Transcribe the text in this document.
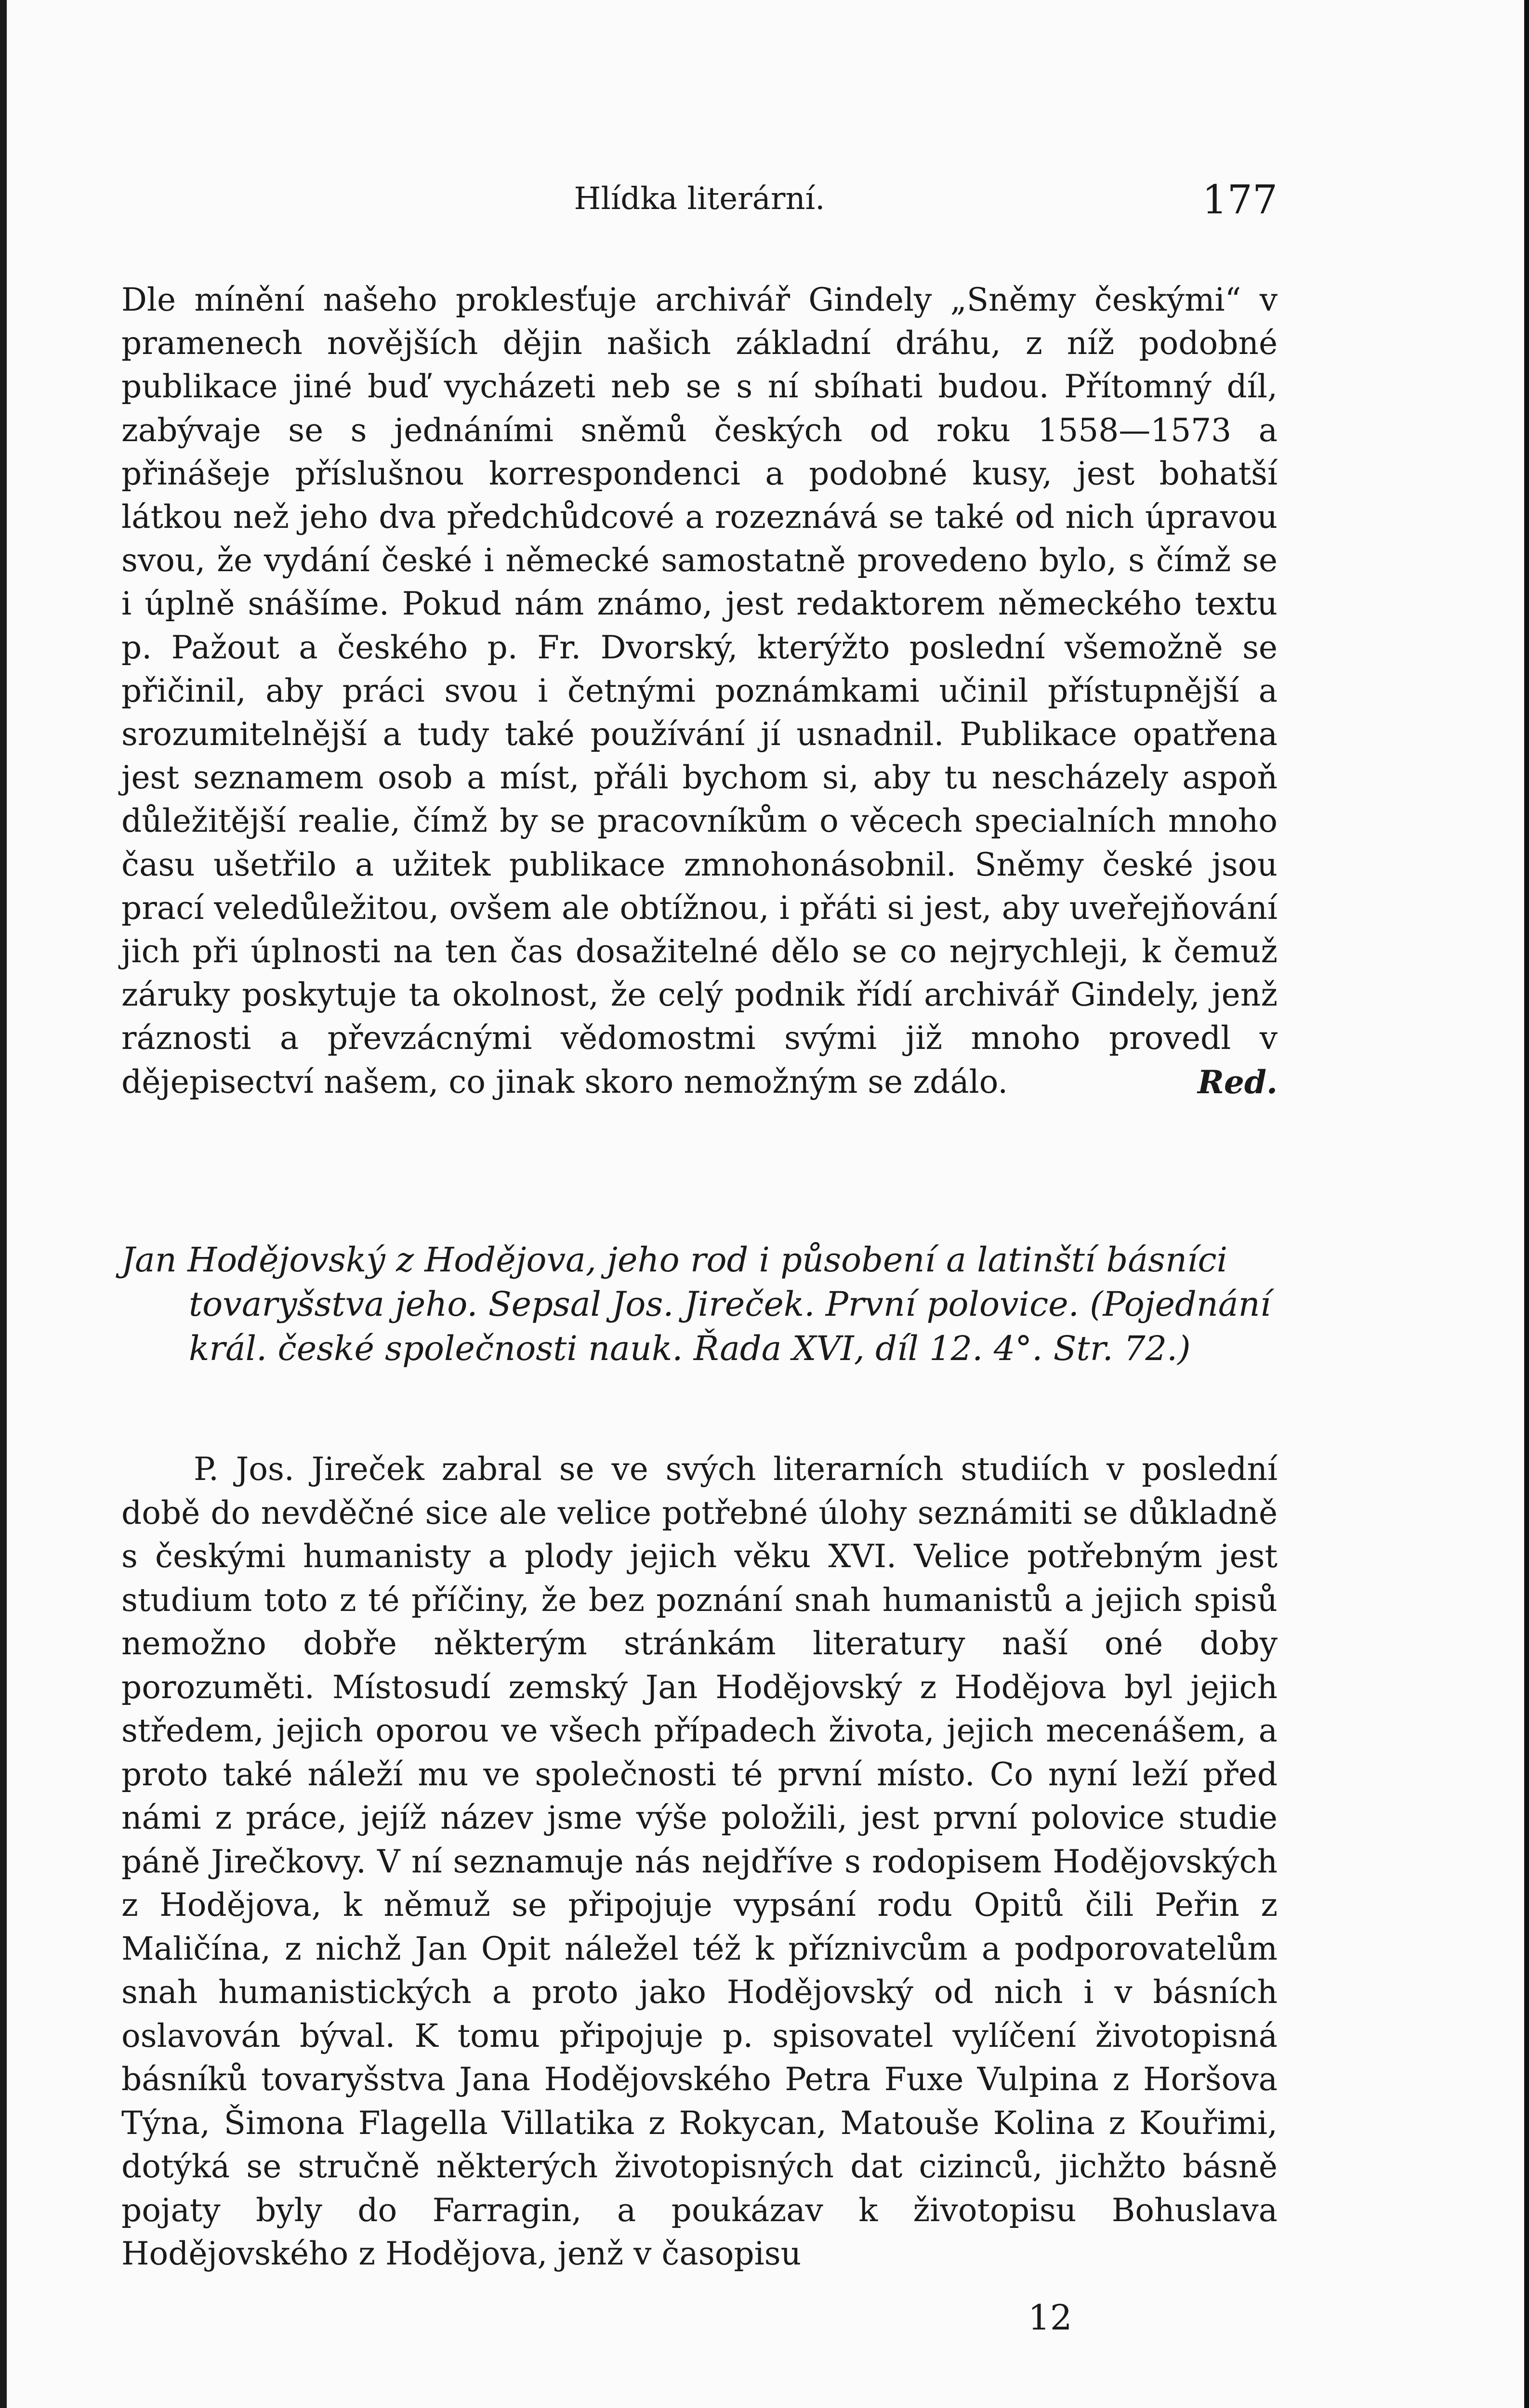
Hlídka literární.	177
Dle mínění našeho proklesťuje archivář Gindely „Sněmy českými“ v pramenech novějších dějin našich základní dráhu, z níž podobné publikace jiné buď vycházeti neb se s ní sbíhati budou. Přítomný díl, zabývaje se s jednáními sněmů českých od roku 1558—1573 a přinášeje příslušnou korrespondenci a podobné kusy, jest bohatší látkou než jeho dva předchůdcové a rozeznává se také od nich úpravou svou, že vydání české i německé samostatně provedeno bylo, s čímž se i úplně snášíme. Pokud nám známo, jest redaktorem německého textu p. Pažout a českého p. Fr. Dvorský, kterýžto poslední všemožně se přičinil, aby práci svou i četnými poznámkami učinil přístupnější a srozumitelnější a tudy také používání jí usnadnil. Publikace opatřena jest seznamem osob a míst, přáli bychom si, aby tu nescházely aspoň důležitější realie, čímž by se pracovníkům o věcech specialních mnoho času ušetřilo a užitek publikace zmnohonásobnil. Sněmy české jsou prací veledůležitou, ovšem ale obtížnou, i přáti si jest, aby uveřejňování jich při úplnosti na ten čas dosažitelné dělo se co nejrychleji, k čemuž záruky poskytuje ta okolnost, že celý podnik řídí archivář Gindely, jenž ráznosti a převzácnými vědomostmi svými již mnoho provedl v dějepisectví našem, co jinak skoro nemožným se zdálo.	Red.
Jan Hodějovský z Hodějova, jeho rod i působení a latinští básníci tovaryšstva jeho. Sepsal Jos. Jireček. První polovice. (Pojednání král. české společnosti nauk. Řada XVI, díl 12. 4°. Str. 72.)
P. Jos. Jireček zabral se ve svých literarních studiích v poslední době do nevděčné sice ale velice potřebné úlohy seznámiti se důkladně s českými humanisty a plody jejich věku XVI. Velice potřebným jest studium toto z té příčiny, že bez poznání snah humanistů a jejich spisů nemožno dobře některým stránkám literatury naší oné doby porozuměti. Místosudí zemský Jan Hodějovský z Hodějova byl jejich středem, jejich oporou ve všech případech života, jejich mecenášem, a proto také náleží mu ve společnosti té první místo. Co nyní leží před námi z práce, jejíž název jsme výše položili, jest první polovice studie páně Jirečkovy. V ní seznamuje nás nejdříve s rodopisem Hodějovských z Hodějova, k němuž se připojuje vypsání rodu Opitů čili Peřin z Maličína, z nichž Jan Opit náležel též k příznivcům a podporovatelům snah humanistických a proto jako Hodějovský od nich i v básních oslavován býval. K tomu připojuje p. spisovatel vylíčení životopisná básníků tovaryšstva Jana Hodějovského Petra Fuxe Vulpina z Horšova Týna, Šimona Flagella Villatika z Rokycan, Matouše Kolina z Kouřimi, dotýká se stručně některých životopisných dat cizinců, jichžto básně pojaty byly do Farragin, a poukázav k životopisu Bohuslava Hodějovského z Hodějova, jenž v časopisu
12
